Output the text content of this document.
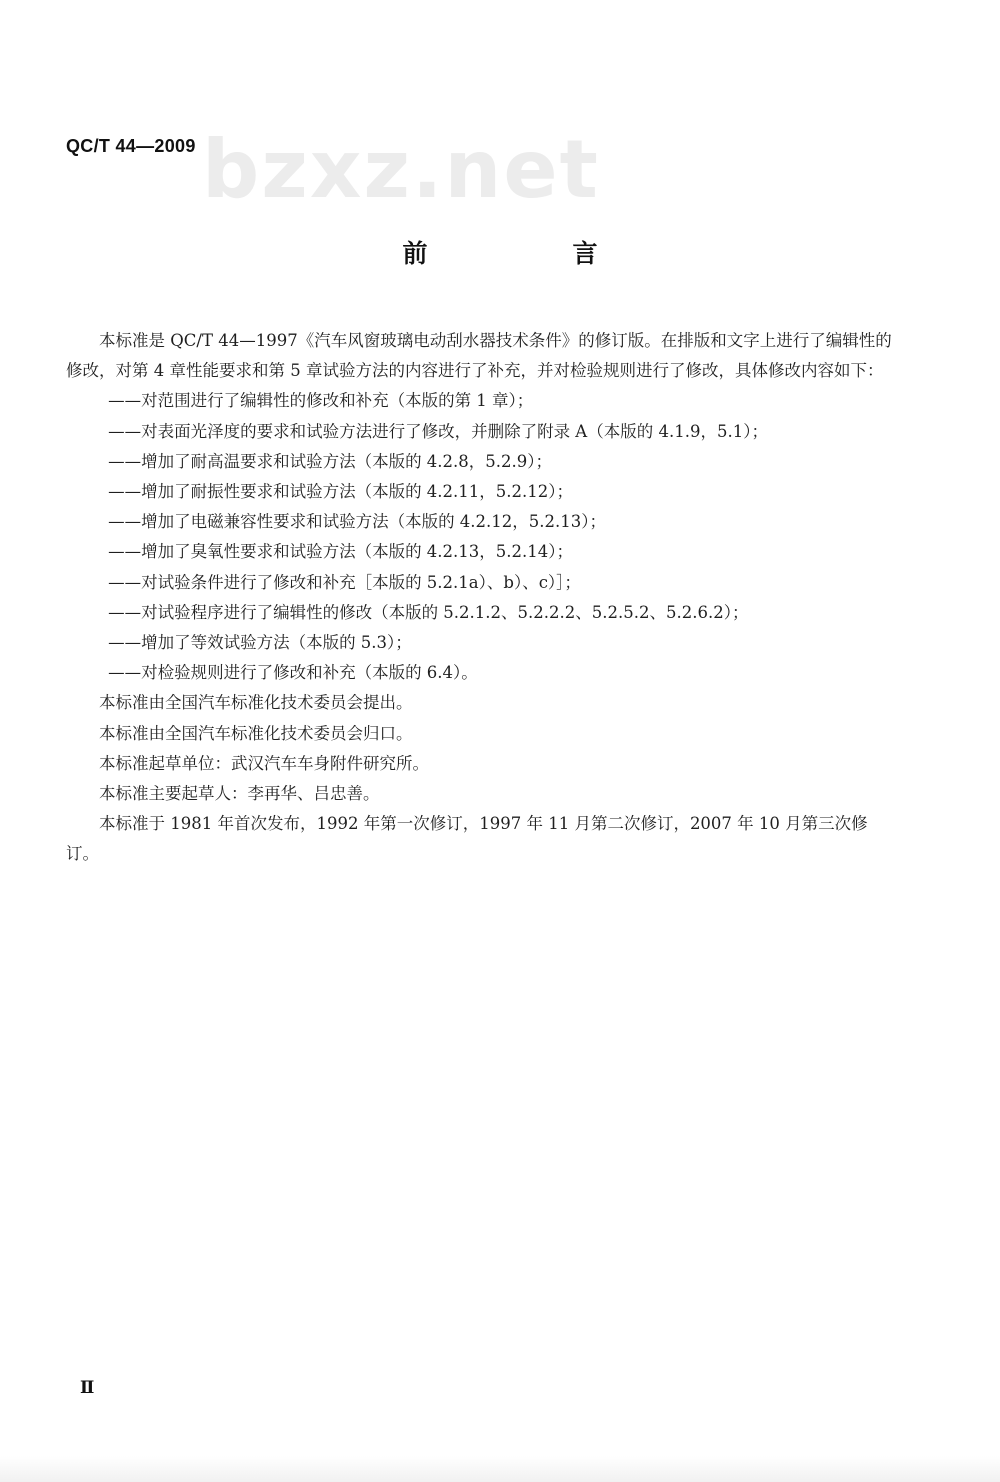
bzxz.net
QC/T 44—2009
前　言

本标准是 QC/T 44—1997《汽车风窗玻璃电动刮水器技术条件》的修订版。在排版和文字上进行了编辑性的修改，对第 4 章性能要求和第 5 章试验方法的内容进行了补充，并对检验规则进行了修改，具体修改内容如下：

——对范围进行了编辑性的修改和补充（本版的第 1 章）；

——对表面光泽度的要求和试验方法进行了修改，并删除了附录 A（本版的 4.1.9，5.1）；

——增加了耐高温要求和试验方法（本版的 4.2.8，5.2.9）；

——增加了耐振性要求和试验方法（本版的 4.2.11，5.2.12）；

——增加了电磁兼容性要求和试验方法（本版的 4.2.12，5.2.13）；

——增加了臭氧性要求和试验方法（本版的 4.2.13，5.2.14）；

——对试验条件进行了修改和补充［本版的 5.2.1a）、b）、c）］；

——对试验程序进行了编辑性的修改（本版的 5.2.1.2、5.2.2.2、5.2.5.2、5.2.6.2）；

——增加了等效试验方法（本版的 5.3）；

——对检验规则进行了修改和补充（本版的 6.4）。

本标准由全国汽车标准化技术委员会提出。

本标准由全国汽车标准化技术委员会归口。

本标准起草单位：武汉汽车车身附件研究所。

本标准主要起草人：李再华、吕忠善。

本标准于 1981 年首次发布，1992 年第一次修订，1997 年 11 月第二次修订，2007 年 10 月第三次修订。

Ⅱ
